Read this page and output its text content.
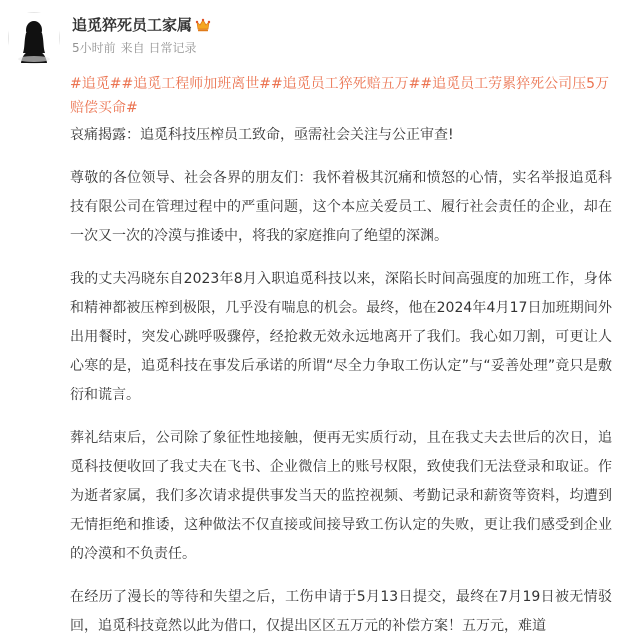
追觅猝死员工家属
5小时前 来自 日常记录
#追觅##追觅工程师加班离世##追觅员工猝死赔五万##追觅员工劳累猝死公司压5万赔偿买命#

哀痛揭露：追觅科技压榨员工致命，亟需社会关注与公正审查!

尊敬的各位领导、社会各界的朋友们：我怀着极其沉痛和愤怒的心情，实名举报追觅科技有限公司在管理过程中的严重问题，这个本应关爱员工、履行社会责任的企业，却在一次又一次的冷漠与推诿中，将我的家庭推向了绝望的深渊。

我的丈夫冯晓东自2023年8月入职追觅科技以来，深陷长时间高强度的加班工作，身体和精神都被压榨到极限，几乎没有喘息的机会。最终，他在2024年4月17日加班期间外出用餐时，突发心跳呼吸骤停，经抢救无效永远地离开了我们。我心如刀割，可更让人心寒的是，追觅科技在事发后承诺的所谓“尽全力争取工伤认定”与“妥善处理”竟只是敷衍和谎言。

葬礼结束后，公司除了象征性地接触，便再无实质行动，且在我丈夫去世后的次日，追觅科技便收回了我丈夫在飞书、企业微信上的账号权限，致使我们无法登录和取证。作为逝者家属，我们多次请求提供事发当天的监控视频、考勤记录和薪资等资料，均遭到无情拒绝和推诿，这种做法不仅直接或间接导致工伤认定的失败，更让我们感受到企业的冷漠和不负责任。

在经历了漫长的等待和失望之后，工伤申请于5月13日提交，最终在7月19日被无情驳回，追觅科技竟然以此为借口，仅提出区区五万元的补偿方案！五万元，难道
